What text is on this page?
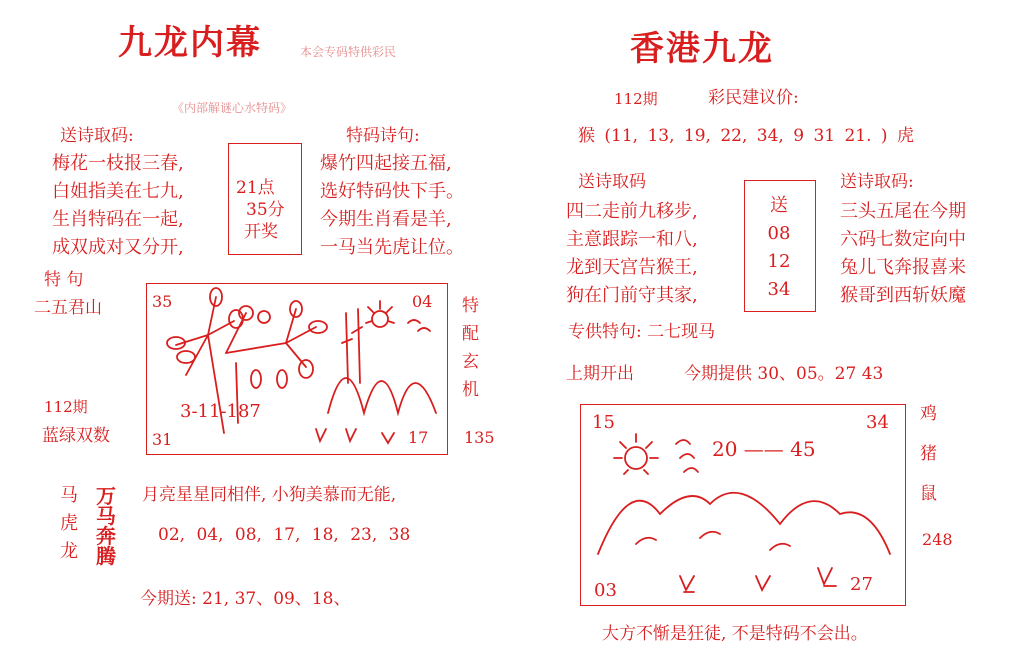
九龙内幕	本会专码特供彩民
《内部解谜心水特码》
送诗取码:
梅花一枝报三春,
白姐指美在七九,
生肖特码在一起,
成双成对又分开,
21点
35分
开奖
特码诗句:
爆竹四起接五福,
选好特码快下手。
今期生肖看是羊,
一马当先虎让位。
特 句
二五君山
112期
蓝绿双数
35	04
31	17
3-11-187
特
配
玄
机
135
马
虎
龙
万
马
奔
腾
月亮星星同相伴, 小狗美慕而无能,
02, 04, 08, 17, 18, 23, 38
今期送: 21, 37、09、18、
香港九龙
112期	彩民建议价:
猴 (11, 13, 19, 22, 34, 9 31 21. ) 虎
送诗取码
四二走前九移步,
主意跟踪一和八,
龙到天宫告猴王,
狗在门前守其家,
送
08
12
34
送诗取码:
三头五尾在今期
六码七数定向中
兔儿飞奔报喜来
猴哥到西斩妖魔
专供特句: 二七现马
上期开出	今期提供 30、05。27 43
15	34
03	27
20 —— 45
鸡
猪
鼠
248
大方不惭是狂徒, 不是特码不会出。
